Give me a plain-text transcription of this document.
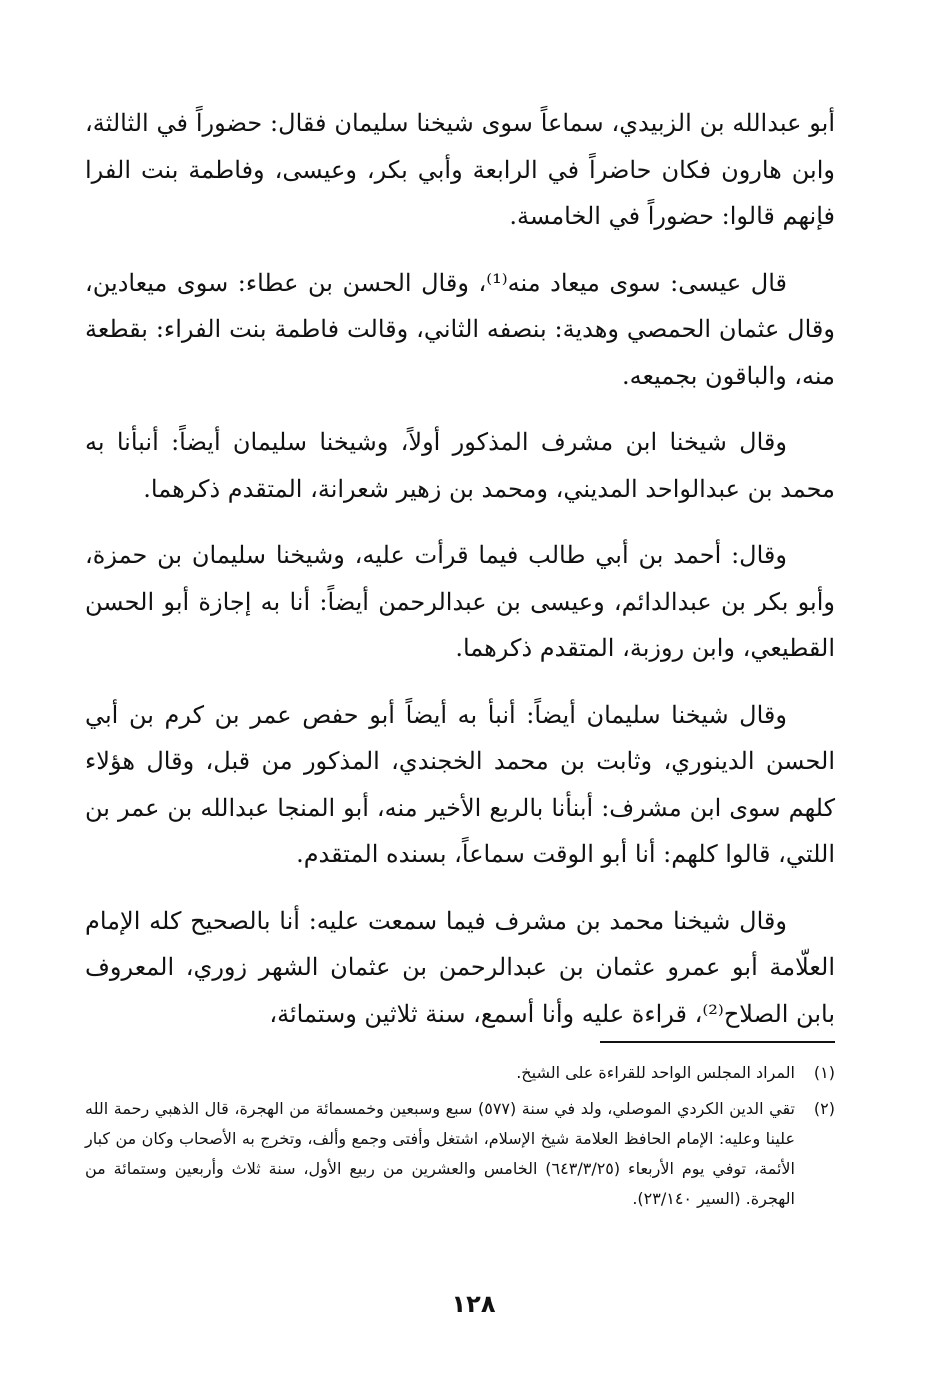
أبو عبدالله بن الزبيدي، سماعاً سوى شيخنا سليمان فقال: حضوراً في الثالثة، وابن هارون فكان حاضراً في الرابعة وأبي بكر، وعيسى، وفاطمة بنت الفرا فإنهم قالوا: حضوراً في الخامسة.

قال عيسى: سوى ميعاد منه⁽¹⁾، وقال الحسن بن عطاء: سوى ميعادين، وقال عثمان الحمصي وهدية: بنصفه الثاني، وقالت فاطمة بنت الفراء: بقطعة منه، والباقون بجميعه.

وقال شيخنا ابن مشرف المذكور أولاً، وشيخنا سليمان أيضاً: أنبأنا به محمد بن عبدالواحد المديني، ومحمد بن زهير شعرانة، المتقدم ذكرهما.

وقال: أحمد بن أبي طالب فيما قرأت عليه، وشيخنا سليمان بن حمزة، وأبو بكر بن عبدالدائم، وعيسى بن عبدالرحمن أيضاً: أنا به إجازة أبو الحسن القطيعي، وابن روزبة، المتقدم ذكرهما.

وقال شيخنا سليمان أيضاً: أنبأ به أيضاً أبو حفص عمر بن كرم بن أبي الحسن الدينوري، وثابت بن محمد الخجندي، المذكور من قبل، وقال هؤلاء كلهم سوى ابن مشرف: أبنأنا بالربع الأخير منه، أبو المنجا عبدالله بن عمر بن اللتي، قالوا كلهم: أنا أبو الوقت سماعاً، بسنده المتقدم.

وقال شيخنا محمد بن مشرف فيما سمعت عليه: أنا بالصحيح كله الإمام العلّامة أبو عمرو عثمان بن عبدالرحمن بن عثمان الشهر زوري، المعروف بابن الصلاح⁽²⁾، قراءة عليه وأنا أسمع، سنة ثلاثين وستمائة،

(١)
المراد المجلس الواحد للقراءة على الشيخ.
(٢)
تقي الدين الكردي الموصلي، ولد في سنة (٥٧٧) سبع وسبعين وخمسمائة من الهجرة، قال الذهبي رحمة الله علينا وعليه: الإمام الحافظ العلامة شيخ الإسلام، اشتغل وأفتى وجمع وألف، وتخرج به الأصحاب وكان من كبار الأئمة، توفي يوم الأربعاء (٦٤٣/٣/٢٥) الخامس والعشرين من ربيع الأول، سنة ثلاث وأربعين وستمائة من الهجرة. (السير ٢٣/١٤٠).
١٢٨
